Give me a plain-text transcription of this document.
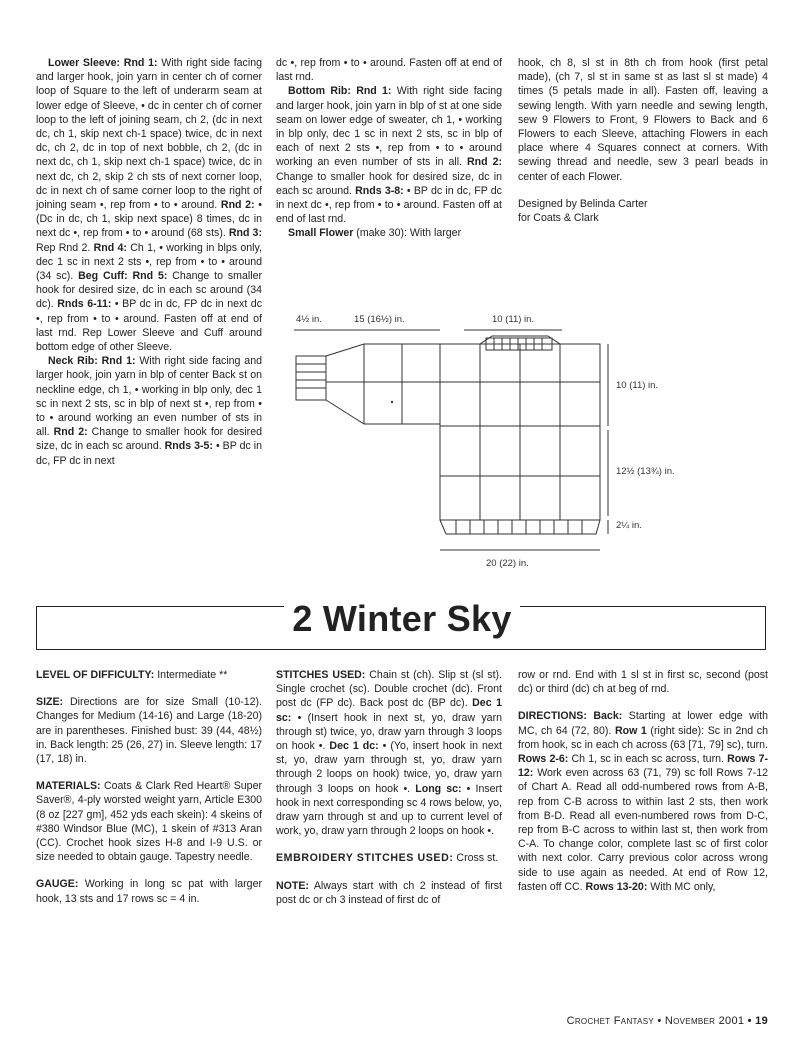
Lower Sleeve: Rnd 1: With right side facing and larger hook, join yarn in center ch of corner loop of Square to the left of underarm seam at lower edge of Sleeve, • dc in center ch of corner loop to the left of joining seam, ch 2, (dc in next dc, ch 1, skip next ch-1 space) twice, dc in next dc, ch 2, dc in top of next bobble, ch 2, (dc in next dc, ch 1, skip next ch-1 space) twice, dc in next dc, ch 2, skip 2 ch sts of next corner loop, dc in next ch of same corner loop to the right of joining seam •, rep from • to • around. Rnd 2: • (Dc in dc, ch 1, skip next space) 8 times, dc in next dc •, rep from • to • around (68 sts). Rnd 3: Rep Rnd 2. Rnd 4: Ch 1, • working in blps only, dec 1 sc in next 2 sts •, rep from • to • around (34 sc). Beg Cuff: Rnd 5: Change to smaller hook for desired size, dc in each sc around (34 dc). Rnds 6-11: • BP dc in dc, FP dc in next dc •, rep from • to • around. Fasten off at end of last rnd. Rep Lower Sleeve and Cuff around bottom edge of other Sleeve.

Neck Rib: Rnd 1: With right side facing and larger hook, join yarn in blp of center Back st on neckline edge, ch 1, • working in blp only, dec 1 sc in next 2 sts, sc in blp of next st •, rep from • to • around working an even number of sts in all. Rnd 2: Change to smaller hook for desired size, dc in each sc around. Rnds 3-5: • BP dc in dc, FP dc in next

dc •, rep from • to • around. Fasten off at end of last rnd.

Bottom Rib: Rnd 1: With right side facing and larger hook, join yarn in blp of st at one side seam on lower edge of sweater, ch 1, • working in blp only, dec 1 sc in next 2 sts, sc in blp of each of next 2 sts •, rep from • to • around working an even number of sts in all. Rnd 2: Change to smaller hook for desired size, dc in each sc around. Rnds 3-8: • BP dc in dc, FP dc in next dc •, rep from • to • around. Fasten off at end of last rnd.

Small Flower (make 30): With larger

hook, ch 8, sl st in 8th ch from hook (first petal made), (ch 7, sl st in same st as last sl st made) 4 times (5 petals made in all). Fasten off, leaving a sewing length. With yarn needle and sewing length, sew 9 Flowers to Front, 9 Flowers to Back and 6 Flowers to each Sleeve, attaching Flowers in each place where 4 Squares connect at corners. With sewing thread and needle, sew 3 pearl beads in center of each Flower.

Designed by Belinda Carter

for Coats & Clark

4½ in.	15 (16½) in.	10 (11) in.
10 (11) in.
12½ (13¾) in.
2¼ in.
20 (22) in.
2 Winter Sky

LEVEL OF DIFFICULTY: Intermediate **

SIZE: Directions are for size Small (10-12). Changes for Medium (14-16) and Large (18-20) are in parentheses. Finished bust: 39 (44, 48½) in. Back length: 25 (26, 27) in. Sleeve length: 17 (17, 18) in.

MATERIALS: Coats & Clark Red Heart® Super Saver®, 4-ply worsted weight yarn, Article E300 (8 oz [227 gm], 452 yds each skein): 4 skeins of #380 Windsor Blue (MC), 1 skein of #313 Aran (CC). Crochet hook sizes H-8 and I-9 U.S. or size needed to obtain gauge. Tapestry needle.

GAUGE: Working in long sc pat with larger hook, 13 sts and 17 rows sc = 4 in.

STITCHES USED: Chain st (ch). Slip st (sl st). Single crochet (sc). Double crochet (dc). Front post dc (FP dc). Back post dc (BP dc). Dec 1 sc: • (Insert hook in next st, yo, draw yarn through st) twice, yo, draw yarn through 3 loops on hook •. Dec 1 dc: • (Yo, insert hook in next st, yo, draw yarn through st, yo, draw yarn through 2 loops on hook) twice, yo, draw yarn through 3 loops on hook •. Long sc: • Insert hook in next corresponding sc 4 rows below, yo, draw yarn through st and up to current level of work, yo, draw yarn through 2 loops on hook •.

EMBROIDERY STITCHES USED: Cross st.

NOTE: Always start with ch 2 instead of first post dc or ch 3 instead of first dc of

row or rnd. End with 1 sl st in first sc, second (post dc) or third (dc) ch at beg of rnd.

DIRECTIONS: Back: Starting at lower edge with MC, ch 64 (72, 80). Row 1 (right side): Sc in 2nd ch from hook, sc in each ch across (63 [71, 79] sc), turn. Rows 2-6: Ch 1, sc in each sc across, turn. Rows 7-12: Work even across 63 (71, 79) sc foll Rows 7-12 of Chart A. Read all odd-numbered rows from A-B, rep from C-B across to within last 2 sts, then work from B-D. Read all even-numbered rows from D-C, rep from B-C across to within last st, then work from C-A. To change color, complete last sc of first color with next color. Carry previous color across wrong side to use again as needed. At end of Row 12, fasten off CC. Rows 13-20: With MC only,

Crochet Fantasy • November 2001 • 19
